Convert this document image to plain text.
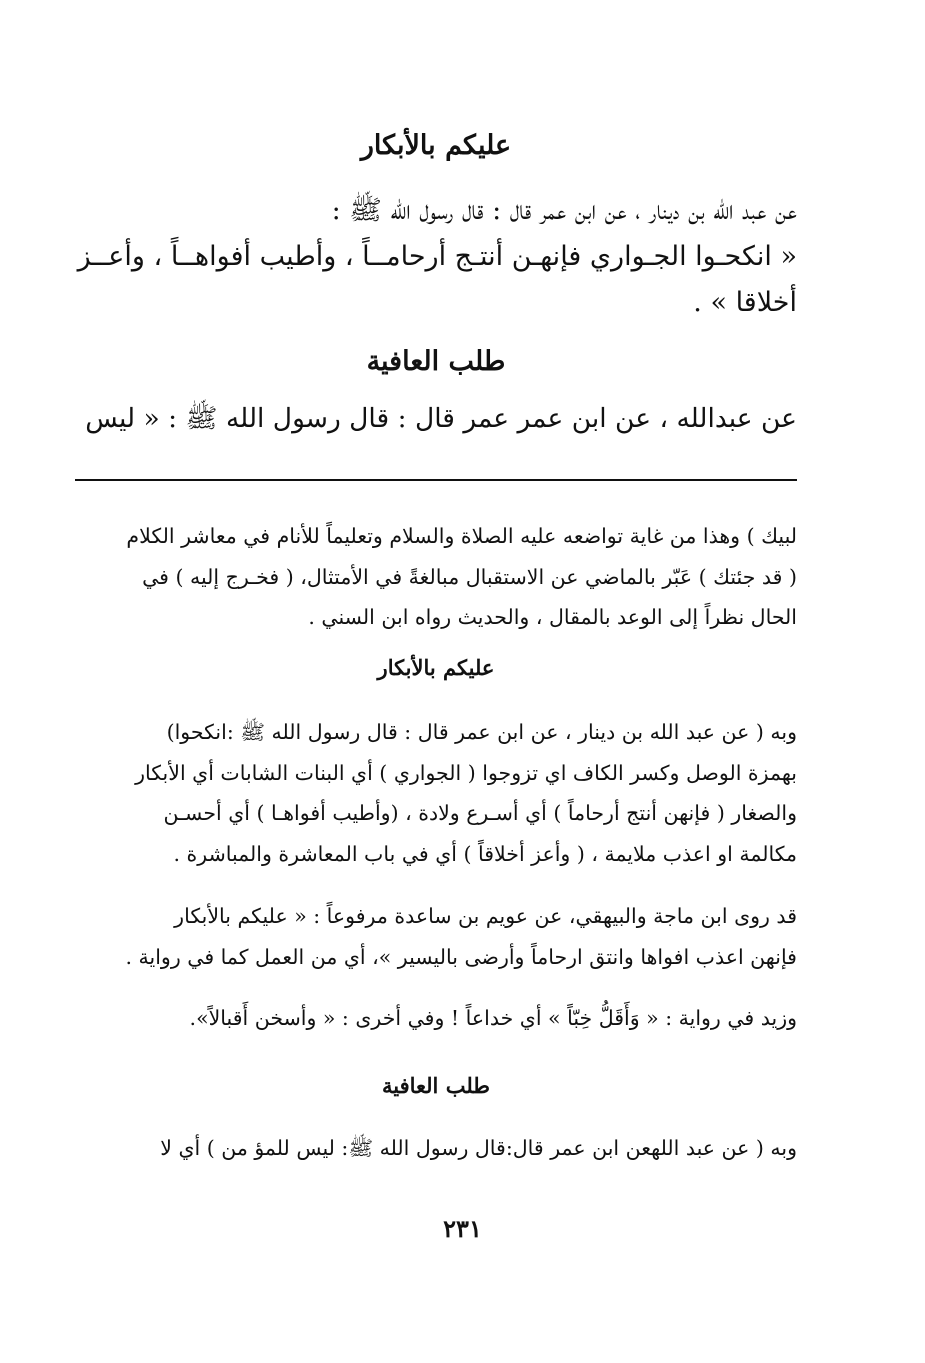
عليكم بالأبكار
عن عبد الله بن دينار ، عن ابن عمر قال : قال رسول الله ﷺ :
« انكحـوا الجـواري فإنهـن أنتـج أرحامــاً ، وأطيب أفواهــاً ، وأعــز
أخلاقا » .
طلب العافية
عن عبدالله ، عن ابن عمر عمر قال : قال رسول الله ﷺ : « ليس
لبيك ) وهذا من غاية تواضعه عليه الصلاة والسلام وتعليماً للأنام في معاشر الكلام
( قد جئتك ) عَبّر بالماضي عن الاستقبال مبالغةً في الأمتثال، ( فخـرج إليه ) في
الحال نظراً إلى الوعد بالمقال ، والحديث رواه ابن السني .
عليكم بالأبكار
وبه ( عن عبد الله بن دينار ، عن ابن عمر قال : قال رسول الله ﷺ :انكحوا)
بهمزة الوصل وكسر الكاف اي تزوجوا ( الجواري ) أي البنات الشابات أي الأبكار
والصغار ( فإنهن أنتج أرحاماً ) أي أسـرع ولادة ، (وأطيب أفواهـا ) أي أحسـن
مكالمة او اعذب ملايمة ، ( وأعز أخلاقاً ) أي في باب المعاشرة والمباشرة .
قد روى ابن ماجة والبيهقي، عن عويم بن ساعدة مرفوعاً : « عليكم بالأبكار
فإنهن اعذب افواها وانتق ارحاماً وأرضى باليسير »، أي من العمل كما في رواية .
وزيد في رواية : « وَأَقَلُّ خِبّاً » أي خداعاً ! وفي أخرى : « وأسخن أَقبالاً».
طلب العافية
وبه ( عن عبد اللهعن ابن عمر قال:قال رسول الله ﷺ: ليس للمؤ من ) أي لا
٢٣١
